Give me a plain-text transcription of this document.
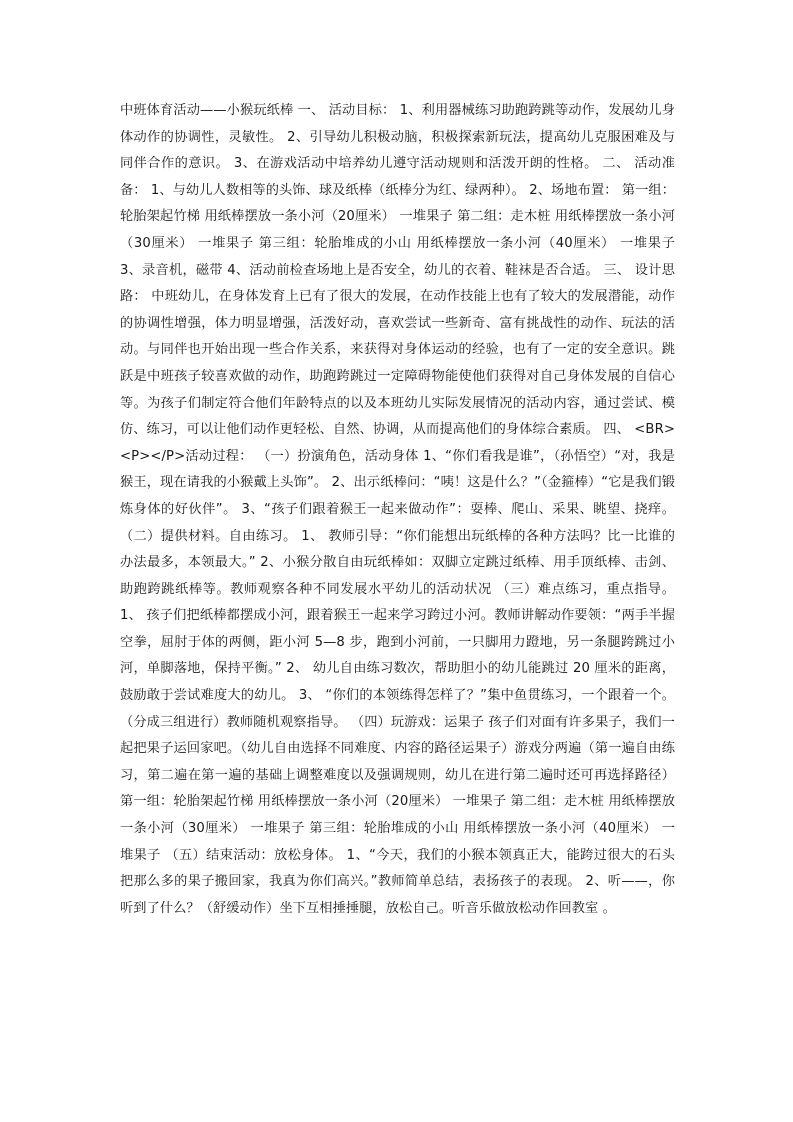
中班体育活动——小猴玩纸棒 一、 活动目标： 1、利用器械练习助跑跨跳等动作，发展幼儿身体动作的协调性，灵敏性。 2、引导幼儿积极动脑，积极探索新玩法，提高幼儿克服困难及与同伴合作的意识。 3、在游戏活动中培养幼儿遵守活动规则和活泼开朗的性格。 二、 活动准备： 1、与幼儿人数相等的头饰、球及纸棒（纸棒分为红、绿两种）。 2、场地布置： 第一组：轮胎架起竹梯 用纸棒摆放一条小河（20厘米） 一堆果子 第二组：走木桩 用纸棒摆放一条小河（30厘米） 一堆果子 第三组：轮胎堆成的小山 用纸棒摆放一条小河（40厘米） 一堆果子 3、录音机，磁带 4、活动前检查场地上是否安全，幼儿的衣着、鞋袜是否合适。 三、 设计思路： 中班幼儿，在身体发育上已有了很大的发展，在动作技能上也有了较大的发展潜能，动作的协调性增强，体力明显增强，活泼好动，喜欢尝试一些新奇、富有挑战性的动作、玩法的活动。与同伴也开始出现一些合作关系，来获得对身体运动的经验，也有了一定的安全意识。跳跃是中班孩子较喜欢做的动作，助跑跨跳过一定障碍物能使他们获得对自己身体发展的自信心等。为孩子们制定符合他们年龄特点的以及本班幼儿实际发展情况的活动内容，通过尝试、模仿、练习，可以让他们动作更轻松、自然、协调，从而提高他们的身体综合素质。 四、 <BR><P></P>活动过程： （一）扮演角色，活动身体 1、“你们看我是谁”，（孙悟空）“对，我是猴王，现在请我的小猴戴上头饰”。 2、出示纸棒问：“咦！这是什么？”（金箍棒）“它是我们锻炼身体的好伙伴”。 3、“孩子们跟着猴王一起来做动作”：耍棒、爬山、采果、眺望、挠痒。 （二）提供材料。自由练习。 1、 教师引导：“你们能想出玩纸棒的各种方法吗？比一比谁的办法最多，本领最大。” 2、小猴分散自由玩纸棒如：双脚立定跳过纸棒、用手顶纸棒、击剑、助跑跨跳纸棒等。教师观察各种不同发展水平幼儿的活动状况 （三）难点练习，重点指导。 1、 孩子们把纸棒都摆成小河，跟着猴王一起来学习跨过小河。教师讲解动作要领：“两手半握空拳，屈肘于体的两侧，距小河 5—8 步，跑到小河前，一只脚用力蹬地，另一条腿跨跳过小河，单脚落地，保持平衡。” 2、 幼儿自由练习数次，帮助胆小的幼儿能跳过 20 厘米的距离，鼓励敢于尝试难度大的幼儿。 3、 “你们的本领练得怎样了？”集中鱼贯练习，一个跟着一个。（分成三组进行）教师随机观察指导。 （四）玩游戏：运果子 孩子们对面有许多果子，我们一起把果子运回家吧。（幼儿自由选择不同难度、内容的路径运果子）游戏分两遍（第一遍自由练习，第二遍在第一遍的基础上调整难度以及强调规则，幼儿在进行第二遍时还可再选择路径） 第一组：轮胎架起竹梯 用纸棒摆放一条小河（20厘米） 一堆果子 第二组：走木桩 用纸棒摆放一条小河（30厘米） 一堆果子 第三组：轮胎堆成的小山 用纸棒摆放一条小河（40厘米） 一堆果子 （五）结束活动：放松身体。 1、“今天，我们的小猴本领真正大，能跨过很大的石头把那么多的果子搬回家，我真为你们高兴。”教师简单总结，表扬孩子的表现。 2、听——，你听到了什么？（舒缓动作）坐下互相捶捶腿，放松自己。听音乐做放松动作回教室 。
